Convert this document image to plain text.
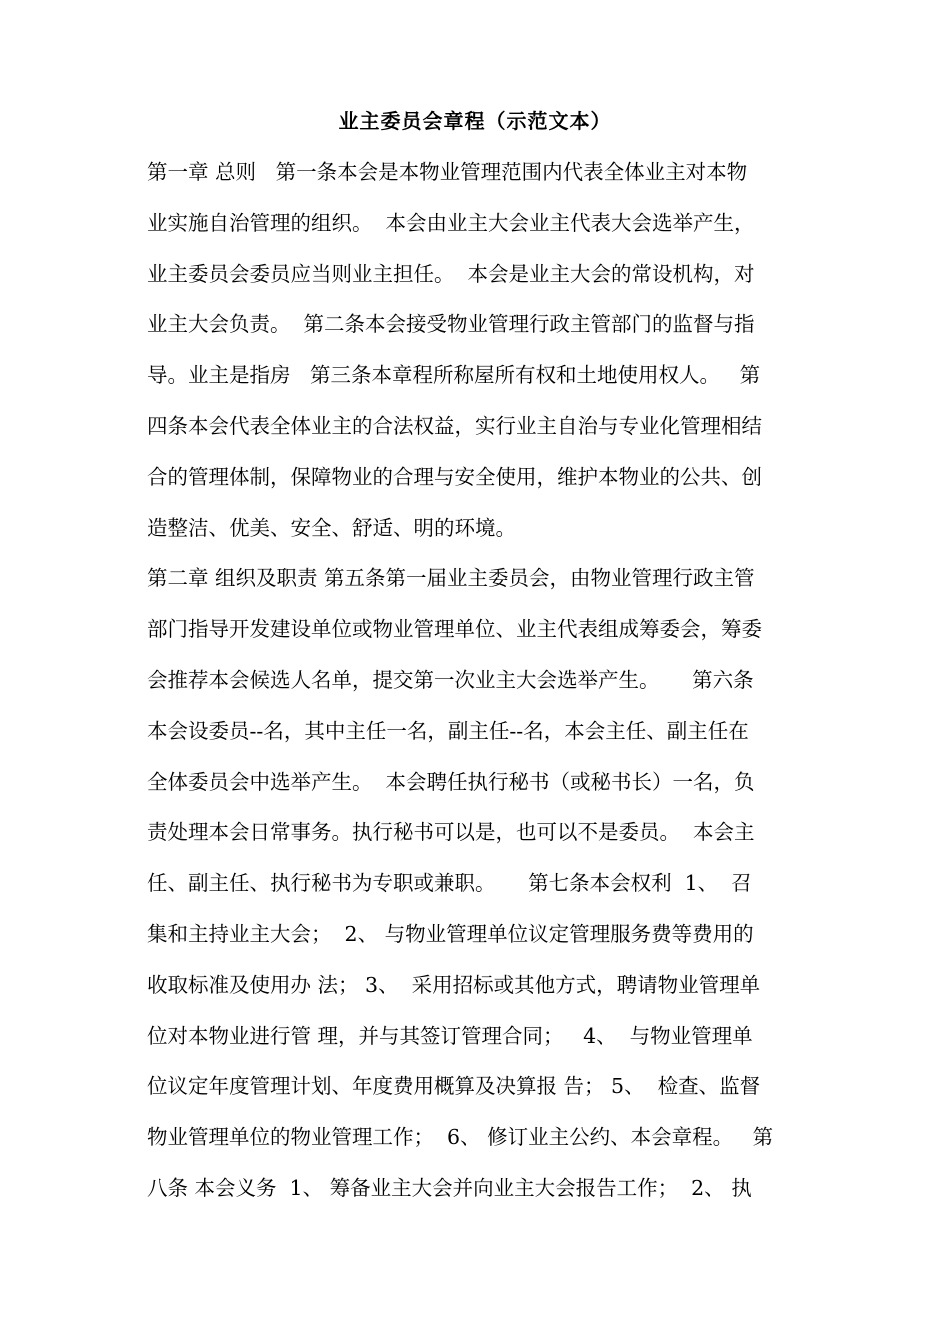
业主委员会章程（示范文本）
第一章 总则   第一条本会是本物业管理范围内代表全体业主对本物
业实施自治管理的组织。  本会由业主大会业主代表大会选举产生，
业主委员会委员应当则业主担任。  本会是业主大会的常设机构，对
业主大会负责。  第二条本会接受物业管理行政主管部门的监督与指
导。业主是指房   第三条本章程所称屋所有权和土地使用权人。   第
四条本会代表全体业主的合法权益，实行业主自治与专业化管理相结
合的管理体制，保障物业的合理与安全使用，维护本物业的公共、创
造整洁、优美、安全、舒适、明的环境。
第二章 组织及职责 第五条第一届业主委员会，由物业管理行政主管
部门指导开发建设单位或物业管理单位、业主代表组成筹委会，筹委
会推荐本会候选人名单，提交第一次业主大会选举产生。     第六条
本会设委员--名，其中主任一名，副主任--名，本会主任、副主任在
全体委员会中选举产生。  本会聘任执行秘书（或秘书长）一名，负
责处理本会日常事务。执行秘书可以是，也可以不是委员。  本会主
任、副主任、执行秘书为专职或兼职。     第七条本会权利  1、  召
集和主持业主大会；  2、 与物业管理单位议定管理服务费等费用的
收取标准及使用办 法； 3、  采用招标或其他方式，聘请物业管理单
位对本物业进行管 理，并与其签订管理合同；   4、  与物业管理单
位议定年度管理计划、年度费用概算及决算报 告； 5、  检查、监督
物业管理单位的物业管理工作；  6、 修订业主公约、本会章程。   第
八条 本会义务  1、 筹备业主大会并向业主大会报告工作；  2、 执
